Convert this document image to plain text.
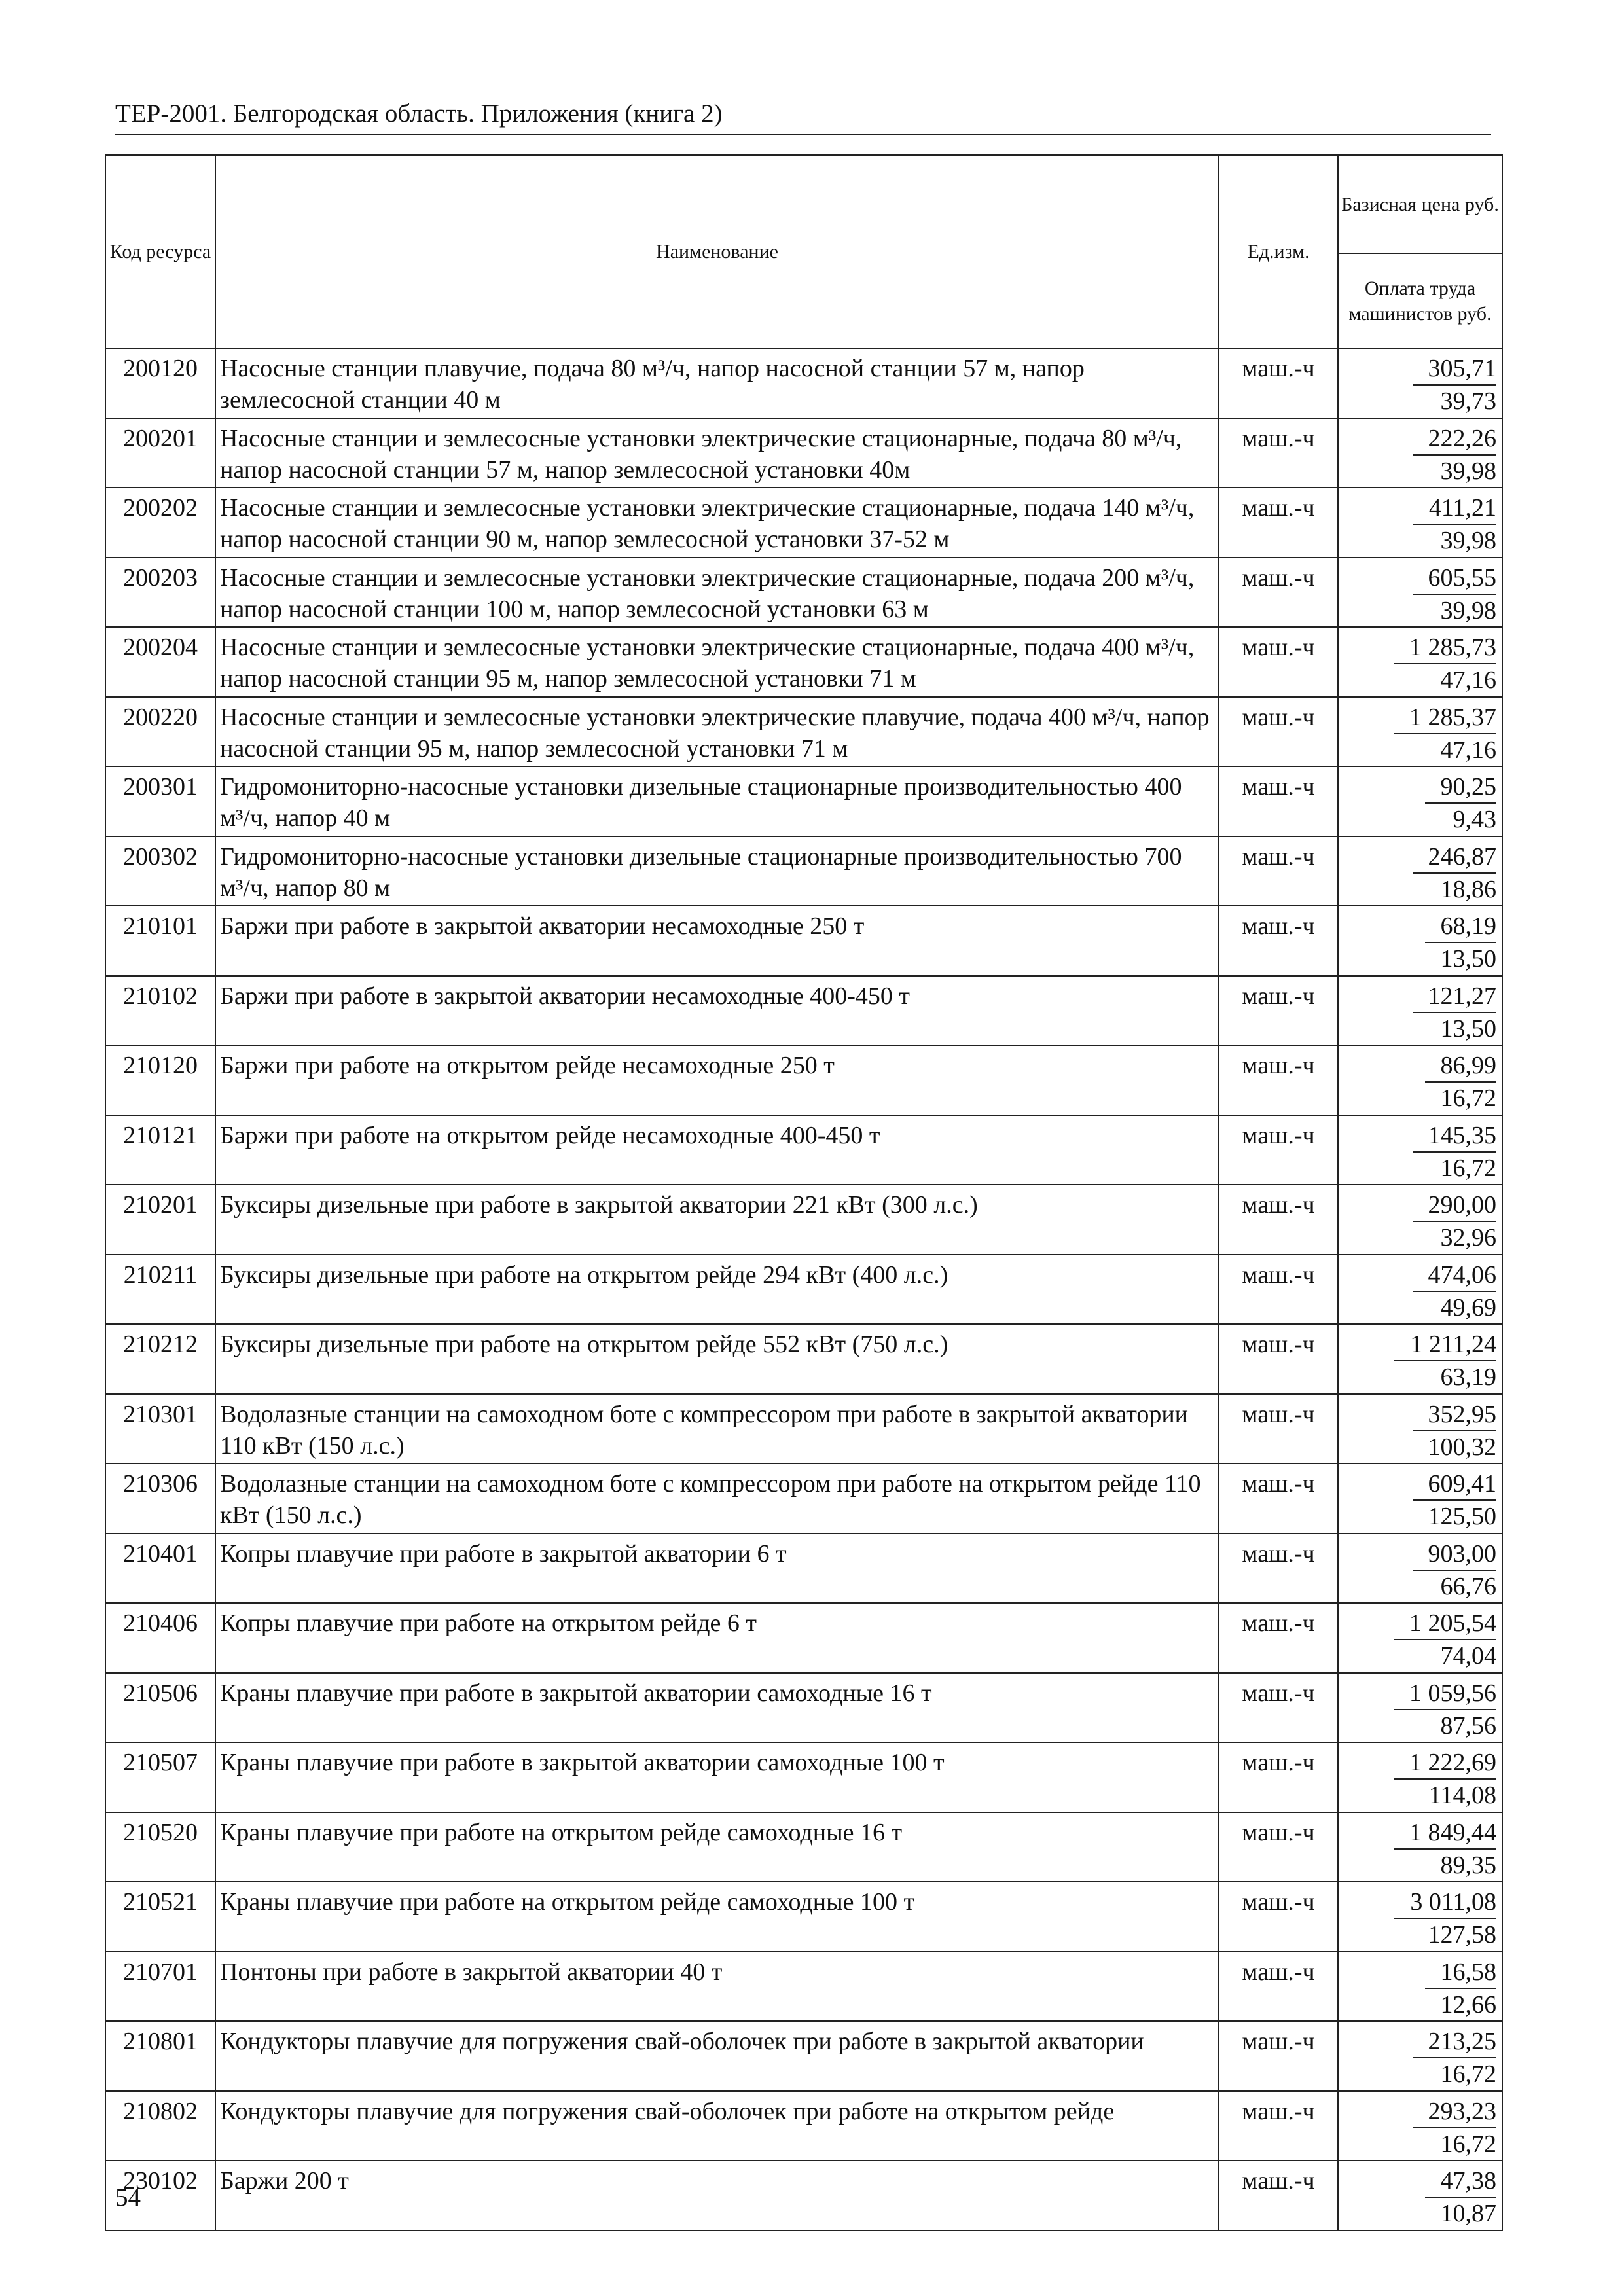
ТЕР-2001. Белгородская область. Приложения (книга 2)
Код ресурса	Наименование	Ед.изм.	Базисная цена руб.
			Оплата труда машинистов руб.
200120	Насосные станции плавучие, подача 80 м³/ч, напор насосной станции 57 м, напор землесосной станции 40 м	маш.-ч	305,71
39,73

200201	Насосные станции и землесосные установки электрические стационарные, подача 80 м³/ч, напор насосной станции 57 м, напор землесосной установки 40м	маш.-ч	222,26
39,98

200202	Насосные станции и землесосные установки электрические стационарные, подача 140 м³/ч, напор насосной станции 90 м, напор землесосной установки 37-52 м	маш.-ч	411,21
39,98

200203	Насосные станции и землесосные установки электрические стационарные, подача 200 м³/ч, напор насосной станции 100 м, напор землесосной установки 63 м	маш.-ч	605,55
39,98

200204	Насосные станции и землесосные установки электрические стационарные, подача 400 м³/ч, напор насосной станции 95 м, напор землесосной установки 71 м	маш.-ч	1 285,73
47,16

200220	Насосные станции и землесосные установки электрические плавучие, подача 400 м³/ч, напор насосной станции 95 м, напор землесосной установки 71 м	маш.-ч	1 285,37
47,16

200301	Гидромониторно-насосные установки дизельные стационарные производительностью 400 м³/ч, напор 40 м	маш.-ч	90,25
9,43

200302	Гидромониторно-насосные установки дизельные стационарные производительностью 700 м³/ч, напор 80 м	маш.-ч	246,87
18,86

210101	Баржи при работе в закрытой акватории несамоходные 250 т	маш.-ч	68,19
13,50

210102	Баржи при работе в закрытой акватории несамоходные 400-450 т	маш.-ч	121,27
13,50

210120	Баржи при работе на открытом рейде несамоходные 250 т	маш.-ч	86,99
16,72

210121	Баржи при работе на открытом рейде несамоходные 400-450 т	маш.-ч	145,35
16,72

210201	Буксиры дизельные при работе в закрытой акватории 221 кВт (300 л.с.)	маш.-ч	290,00
32,96

210211	Буксиры дизельные при работе на открытом рейде 294 кВт (400 л.с.)	маш.-ч	474,06
49,69

210212	Буксиры дизельные при работе на открытом рейде 552 кВт (750 л.с.)	маш.-ч	1 211,24
63,19

210301	Водолазные станции на самоходном боте с компрессором при работе в закрытой акватории 110 кВт (150 л.с.)	маш.-ч	352,95
100,32

210306	Водолазные станции на самоходном боте с компрессором при работе на открытом рейде 110 кВт (150 л.с.)	маш.-ч	609,41
125,50

210401	Копры плавучие при работе в закрытой акватории 6 т	маш.-ч	903,00
66,76

210406	Копры плавучие при работе на открытом рейде 6 т	маш.-ч	1 205,54
74,04

210506	Краны плавучие при работе в закрытой акватории самоходные 16 т	маш.-ч	1 059,56
87,56

210507	Краны плавучие при работе в закрытой акватории самоходные 100 т	маш.-ч	1 222,69
114,08

210520	Краны плавучие при работе на открытом рейде самоходные 16 т	маш.-ч	1 849,44
89,35

210521	Краны плавучие при работе на открытом рейде самоходные 100 т	маш.-ч	3 011,08
127,58

210701	Понтоны при работе в закрытой акватории 40 т	маш.-ч	16,58
12,66

210801	Кондукторы плавучие для погружения свай-оболочек при работе в закрытой акватории	маш.-ч	213,25
16,72

210802	Кондукторы плавучие для погружения свай-оболочек при работе на открытом рейде	маш.-ч	293,23
16,72

230102	Баржи 200 т	маш.-ч	47,38
10,87
54
